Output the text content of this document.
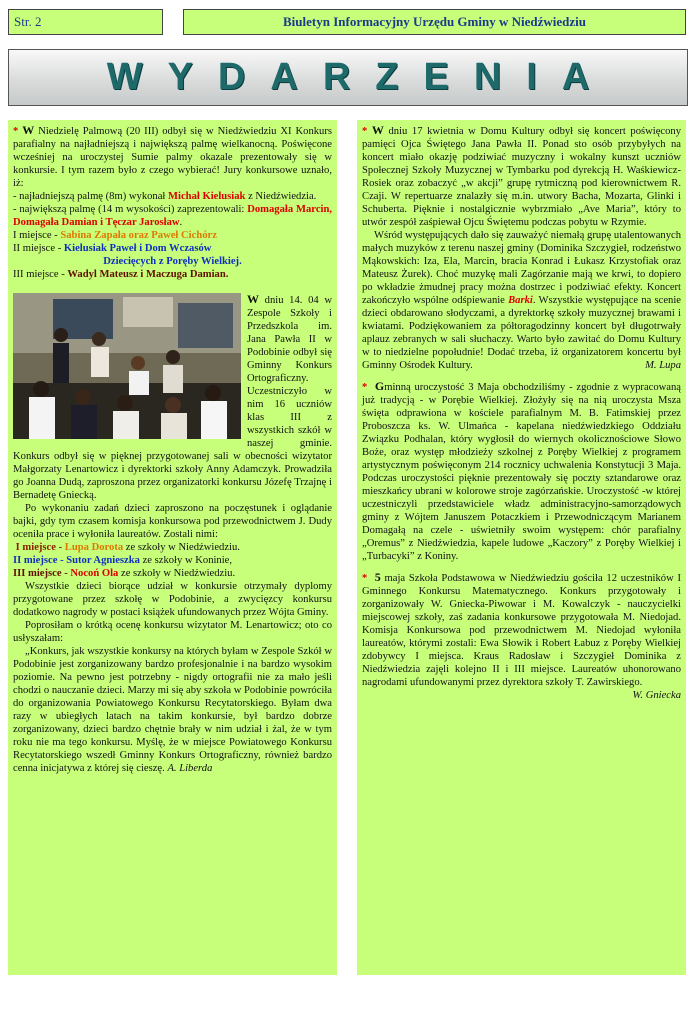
Str. 2	Biuletyn Informacyjny Urzędu Gminy w Niedźwiedziu
WYDARZENIA

* W Niedzielę Palmową (20 III) odbył się w Niedźwiedziu XI Konkurs parafialny na najładniejszą i największą palmę wielkanocną. Poświęcone wcześniej na uroczystej Sumie palmy okazale prezentowały się w konkursie. I tym razem było z czego wybierać! Jury konkursowe uznało, iż:

- najładniejszą palmę (8m) wykonał Michał Kielusiak z Niedźwiedzia.

- największą palmę (14 m wysokości) zaprezentowali: Domagała Marcin, Domagała Damian i Tęczar Jarosław.

I miejsce - Sabina Zapała oraz Paweł Cichórz

II miejsce - Kielusiak Paweł i Dom Wczasów

Dziecięcych z Poręby Wielkiej.

III miejsce - Wadyl Mateusz i Maczuga Damian.

W dniu 14. 04 w Zespole Szkoły i Przedszkola im. Jana Pawła II w Podobinie odbył się Gminny Konkurs Ortograficzny. Uczestniczyło w nim 16 uczniów klas III z wszystkich szkół w naszej gminie. Konkurs odbył się w pięknej przygotowanej sali w obecności wizytator Małgorzaty Lenartowicz i dyrektorki szkoły Anny Adamczyk. Prowadziła go Joanna Dudą, zaproszona przez organizatorki konkursu Józefę Trzajnę i Bernadetę Gniecką.

Po wykonaniu zadań dzieci zaproszono na poczęstunek i oglądanie bajki, gdy tym czasem komisja konkursowa pod przewodnictwem J. Dudy oceniła prace i wyłoniła laureatów. Zostali nimi:

I miejsce - Lupa Dorota ze szkoły w Niedźwiedziu.

II miejsce - Sutor Agnieszka ze szkoły w Koninie,

III miejsce - Nocoń Ola ze szkoły w Niedźwiedziu.

Wszystkie dzieci biorące udział w konkursie otrzymały dyplomy przygotowane przez szkołę w Podobinie, a zwycięzcy konkursu dodatkowo nagrody w postaci książek ufundowanych przez Wójta Gminy.

Poprosiłam o krótką ocenę konkursu wizytator M. Lenartowicz; oto co usłyszałam:

„Konkurs, jak wszystkie konkursy na których byłam w Zespole Szkół w Podobinie jest zorganizowany bardzo profesjonalnie i na bardzo wysokim poziomie. Na pewno jest potrzebny - nigdy ortografii nie za mało jeśli chodzi o nauczanie dzieci. Marzy mi się aby szkoła w Podobinie powróciła do organizowania Powiatowego Konkursu Recytatorskiego. Byłam dwa razy w ubiegłych latach na takim konkursie, był bardzo dobrze zorganizowany, dzieci bardzo chętnie brały w nim udział i żal, że w tym roku nie ma tego konkursu. Myślę, że w miejsce Powiatowego Konkursu Recytatorskiego wszedł Gminny Konkurs Ortograficzny, również bardzo cenna inicjatywa z której się cieszę. A. Liberda

* W dniu 17 kwietnia w Domu Kultury odbył się koncert poświęcony pamięci Ojca Świętego Jana Pawła II. Ponad sto osób przybyłych na koncert miało okazję podziwiać muzyczny i wokalny kunszt uczniów Społecznej Szkoły Muzycznej w Tymbarku pod dyrekcją H. Waśkiewicz-Rosiek oraz zobaczyć „w akcji” grupę rytmiczną pod kierownictwem R. Czaji. W repertuarze znalazły się m.in. utwory Bacha, Mozarta, Glinki i Schuberta. Pięknie i nostalgicznie wybrzmiało „Ave Maria”, który to utwór zespół zaśpiewał Ojcu Świętemu podczas pobytu w Rzymie.

Wśród występujących dało się zauważyć niemałą grupę utalentowanych małych muzyków z terenu naszej gminy (Dominika Szczygieł, rodzeństwo Mąkowskich: Iza, Ela, Marcin, bracia Konrad i Łukasz Krzystofiak oraz Mateusz Żurek). Choć muzykę mali Zagórzanie mają we krwi, to dopiero po wkładzie żmudnej pracy można dostrzec i podziwiać efekty. Koncert zakończyło wspólne odśpiewanie Barki. Wszystkie występujące na scenie dzieci obdarowano słodyczami, a dyrektorkę szkoły muzycznej brawami i kwiatami. Podziękowaniem za półtoragodzinny koncert był długotrwały aplauz zebranych w sali słuchaczy. Warto było zawitać do Domu Kultury w to niedzielne popołudnie! Dodać trzeba, iż organizatorem koncertu był Gminny Ośrodek Kultury.	M. Lupa

*  Gminną uroczystość 3 Maja obchodziliśmy - zgodnie z wypracowaną już tradycją - w Porębie Wielkiej. Złożyły się na nią uroczysta Msza święta odprawiona w kościele parafialnym M. B. Fatimskiej przez Proboszcza ks. W. Ulmańca - kapelana niedźwiedzkiego Oddziału Związku Podhalan, który wygłosił do wiernych okolicznościowe Słowo Boże, oraz występ młodzieży szkolnej z Poręby Wielkiej z programem artystycznym poświęconym 214 rocznicy uchwalenia Konstytucji 3 Maja. Podczas uroczystości pięknie prezentowały się poczty sztandarowe oraz mieszkańcy ubrani w kolorowe stroje zagórzańskie. Uroczystość -w której uczestniczyli przedstawiciele władz administracyjno-samorządowych gminy z Wójtem Januszem Potaczkiem i Przewodniczącym Marianem Domagałą na czele - uświetniły swoim występem: chór parafialny „Oremus” z Niedźwiedzia, kapele ludowe „Kaczory” z Poręby Wielkiej i „Turbacyki” z Koniny.

*  5 maja Szkoła Podstawowa w Niedźwiedziu gościła 12 uczestników I Gminnego Konkursu Matematycznego. Konkurs przygotowały i zorganizowały W. Gniecka-Piwowar i M. Kowalczyk - nauczycielki miejscowej szkoły, zaś zadania konkursowe przygotowała M. Niedojad. Komisja Konkursowa pod przewodnictwem M. Niedojad wyłoniła laureatów, którymi zostali: Ewa Słowik i Robert Łabuz z Poręby Wielkiej zdobywcy I miejsca. Kraus Radosław i Szczygieł Dominika z Niedźwiedzia zajęli kolejno II i III miejsce. Laureatów uhonorowano nagrodami ufundowanymi przez dyrektora szkoły T. Zawirskiego.
W. Gniecka
